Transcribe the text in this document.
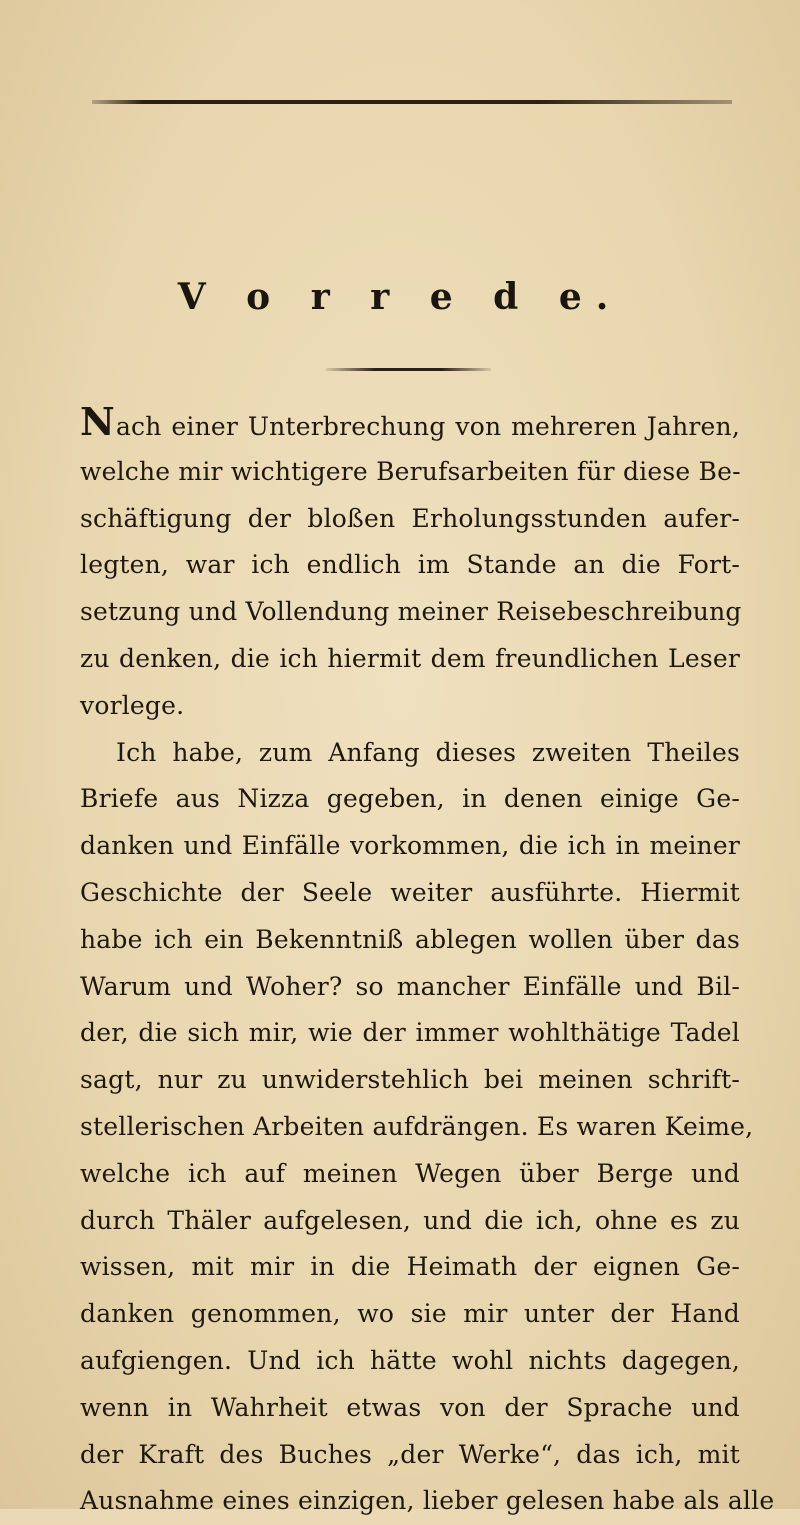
V o r r e d e.
Nach einer Unterbrechung von mehreren Jahren,
welche mir wichtigere Berufsarbeiten für diese Be-
schäftigung der bloßen Erholungsstunden aufer-
legten, war ich endlich im Stande an die Fort-
setzung und Vollendung meiner Reisebeschreibung
zu denken, die ich hiermit dem freundlichen Leser
vorlege.
Ich habe, zum Anfang dieses zweiten Theiles
Briefe aus Nizza gegeben, in denen einige Ge-
danken und Einfälle vorkommen, die ich in meiner
Geschichte der Seele weiter ausführte. Hiermit
habe ich ein Bekenntniß ablegen wollen über das
Warum und Woher? so mancher Einfälle und Bil-
der, die sich mir, wie der immer wohlthätige Tadel
sagt, nur zu unwiderstehlich bei meinen schrift-
stellerischen Arbeiten aufdrängen. Es waren Keime,
welche ich auf meinen Wegen über Berge und
durch Thäler aufgelesen, und die ich, ohne es zu
wissen, mit mir in die Heimath der eignen Ge-
danken genommen, wo sie mir unter der Hand
aufgiengen. Und ich hätte wohl nichts dagegen,
wenn in Wahrheit etwas von der Sprache und
der Kraft des Buches „der Werke“, das ich, mit
Ausnahme eines einzigen, lieber gelesen habe als alle
